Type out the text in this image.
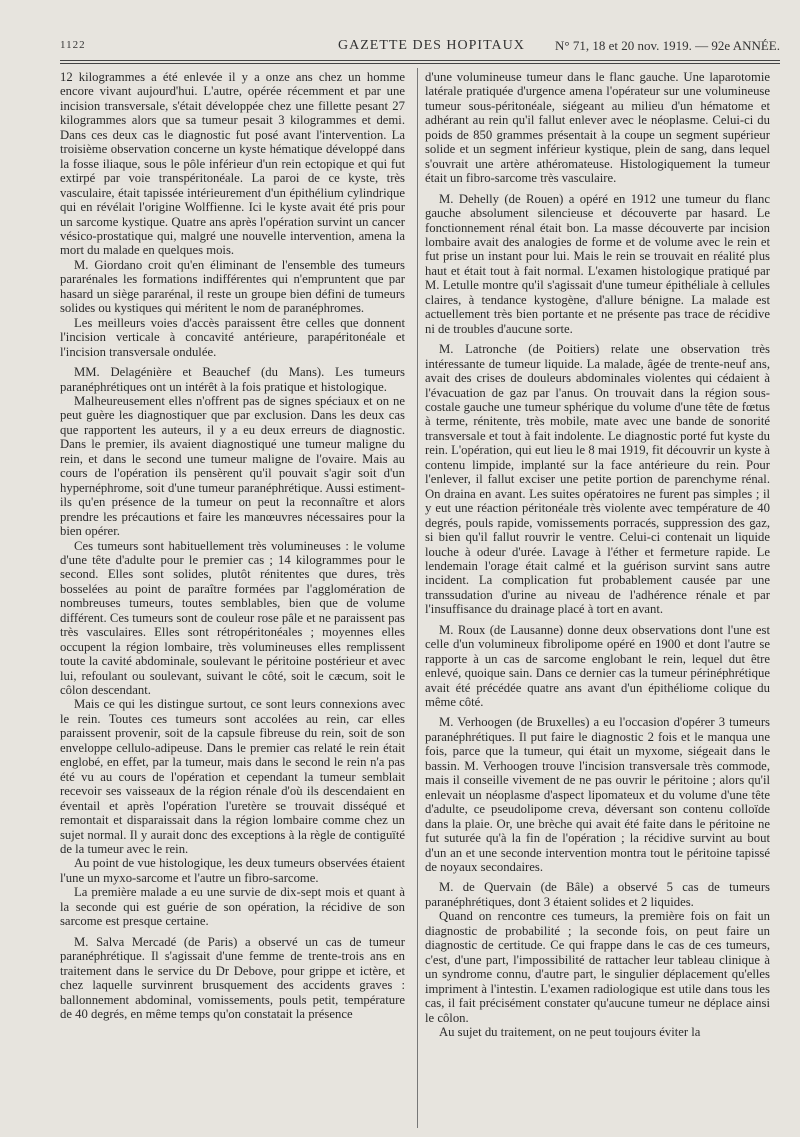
1122	GAZETTE DES HOPITAUX N° 71, 18 et 20 nov. 1919. — 92e ANNÉE.

12 kilogrammes a été enlevée il y a onze ans chez un homme encore vivant aujourd'hui. L'autre, opérée récemment et par une incision transversale, s'était développée chez une fillette pesant 27 kilogrammes alors que sa tumeur pesait 3 kilogrammes et demi. Dans ces deux cas le diagnostic fut posé avant l'intervention. La troisième observation concerne un kyste hématique développé dans la fosse iliaque, sous le pôle inférieur d'un rein ectopique et qui fut extirpé par voie transpéritonéale. La paroi de ce kyste, très vasculaire, était tapissée intérieurement d'un épithélium cylindrique qui en révélait l'origine Wolffienne. Ici le kyste avait été pris pour un sarcome kystique. Quatre ans après l'opération survint un cancer vésico-prostatique qui, malgré une nouvelle intervention, amena la mort du malade en quelques mois.

M. Giordano croit qu'en éliminant de l'ensemble des tumeurs pararénales les formations indifférentes qui n'empruntent que par hasard un siège pararénal, il reste un groupe bien défini de tumeurs solides ou kystiques qui méritent le nom de paranéphromes.

Les meilleurs voies d'accès paraissent être celles que donnent l'incision verticale à concavité antérieure, parapéritonéale et l'incision transversale ondulée.

MM. Delagénière et Beauchef (du Mans). Les tumeurs paranéphrétiques ont un intérêt à la fois pratique et histologique.

Malheureusement elles n'offrent pas de signes spéciaux et on ne peut guère les diagnostiquer que par exclusion. Dans les deux cas que rapportent les auteurs, il y a eu deux erreurs de diagnostic. Dans le premier, ils avaient diagnostiqué une tumeur maligne du rein, et dans le second une tumeur maligne de l'ovaire. Mais au cours de l'opération ils pensèrent qu'il pouvait s'agir soit d'un hypernéphrome, soit d'une tumeur paranéphrétique. Aussi estiment-ils qu'en présence de la tumeur on peut la reconnaître et alors prendre les précautions et faire les manœuvres nécessaires pour la bien opérer.

Ces tumeurs sont habituellement très volumineuses : le volume d'une tête d'adulte pour le premier cas ; 14 kilogrammes pour le second. Elles sont solides, plutôt rénitentes que dures, très bosselées au point de paraître formées par l'agglomération de nombreuses tumeurs, toutes semblables, bien que de volume différent. Ces tumeurs sont de couleur rose pâle et ne paraissent pas très vasculaires. Elles sont rétropéritonéales ; moyennes elles occupent la région lombaire, très volumineuses elles remplissent toute la cavité abdominale, soulevant le péritoine postérieur et avec lui, refoulant ou soulevant, suivant le côté, soit le cæcum, soit le côlon descendant.

Mais ce qui les distingue surtout, ce sont leurs connexions avec le rein. Toutes ces tumeurs sont accolées au rein, car elles paraissent provenir, soit de la capsule fibreuse du rein, soit de son enveloppe cellulo-adipeuse. Dans le premier cas relaté le rein était englobé, en effet, par la tumeur, mais dans le second le rein n'a pas été vu au cours de l'opération et cependant la tumeur semblait recevoir ses vaisseaux de la région rénale d'où ils descendaient en éventail et après l'opération l'uretère se trouvait disséqué et remontait et disparaissait dans la région lombaire comme chez un sujet normal. Il y aurait donc des exceptions à la règle de contiguïté de la tumeur avec le rein.

Au point de vue histologique, les deux tumeurs observées étaient l'une un myxo-sarcome et l'autre un fibro-sarcome.

La première malade a eu une survie de dix-sept mois et quant à la seconde qui est guérie de son opération, la récidive de son sarcome est presque certaine.

M. Salva Mercadé (de Paris) a observé un cas de tumeur paranéphrétique. Il s'agissait d'une femme de trente-trois ans en traitement dans le service du Dr Debove, pour grippe et ictère, et chez laquelle survinrent brusquement des accidents graves : ballonnement abdominal, vomissements, pouls petit, température de 40 degrés, en même temps qu'on constatait la présence

d'une volumineuse tumeur dans le flanc gauche. Une laparotomie latérale pratiquée d'urgence amena l'opérateur sur une volumineuse tumeur sous-péritonéale, siégeant au milieu d'un hématome et adhérant au rein qu'il fallut enlever avec le néoplasme. Celui-ci du poids de 850 grammes présentait à la coupe un segment supérieur solide et un segment inférieur kystique, plein de sang, dans lequel s'ouvrait une artère athéromateuse. Histologiquement la tumeur était un fibro-sarcome très vasculaire.

M. Dehelly (de Rouen) a opéré en 1912 une tumeur du flanc gauche absolument silencieuse et découverte par hasard. Le fonctionnement rénal était bon. La masse découverte par incision lombaire avait des analogies de forme et de volume avec le rein et fut prise un instant pour lui. Mais le rein se trouvait en réalité plus haut et était tout à fait normal. L'examen histologique pratiqué par M. Letulle montre qu'il s'agissait d'une tumeur épithéliale à cellules claires, à tendance kystogène, d'allure bénigne. La malade est actuellement très bien portante et ne présente pas trace de récidive ni de troubles d'aucune sorte.

M. Latronche (de Poitiers) relate une observation très intéressante de tumeur liquide. La malade, âgée de trente-neuf ans, avait des crises de douleurs abdominales violentes qui cédaient à l'évacuation de gaz par l'anus. On trouvait dans la région sous-costale gauche une tumeur sphérique du volume d'une tête de fœtus à terme, rénitente, très mobile, mate avec une bande de sonorité transversale et tout à fait indolente. Le diagnostic porté fut kyste du rein. L'opération, qui eut lieu le 8 mai 1919, fit découvrir un kyste à contenu limpide, implanté sur la face antérieure du rein. Pour l'enlever, il fallut exciser une petite portion de parenchyme rénal. On draina en avant. Les suites opératoires ne furent pas simples ; il y eut une réaction péritonéale très violente avec température de 40 degrés, pouls rapide, vomissements porracés, suppression des gaz, si bien qu'il fallut rouvrir le ventre. Celui-ci contenait un liquide louche à odeur d'urée. Lavage à l'éther et fermeture rapide. Le lendemain l'orage était calmé et la guérison survint sans autre incident. La complication fut probablement causée par une transsudation d'urine au niveau de l'adhérence rénale et par l'insuffisance du drainage placé à tort en avant.

M. Roux (de Lausanne) donne deux observations dont l'une est celle d'un volumineux fibrolipome opéré en 1900 et dont l'autre se rapporte à un cas de sarcome englobant le rein, lequel dut être enlevé, quoique sain. Dans ce dernier cas la tumeur périnéphrétique avait été précédée quatre ans avant d'un épithéliome colique du même côté.

M. Verhoogen (de Bruxelles) a eu l'occasion d'opérer 3 tumeurs paranéphrétiques. Il put faire le diagnostic 2 fois et le manqua une fois, parce que la tumeur, qui était un myxome, siégeait dans le bassin. M. Verhoogen trouve l'incision transversale très commode, mais il conseille vivement de ne pas ouvrir le péritoine ; alors qu'il enlevait un néoplasme d'aspect lipomateux et du volume d'une tête d'adulte, ce pseudolipome creva, déversant son contenu colloïde dans la plaie. Or, une brèche qui avait été faite dans le péritoine ne fut suturée qu'à la fin de l'opération ; la récidive survint au bout d'un an et une seconde intervention montra tout le péritoine tapissé de noyaux secondaires.

M. de Quervain (de Bâle) a observé 5 cas de tumeurs paranéphrétiques, dont 3 étaient solides et 2 liquides.

Quand on rencontre ces tumeurs, la première fois on fait un diagnostic de probabilité ; la seconde fois, on peut faire un diagnostic de certitude. Ce qui frappe dans le cas de ces tumeurs, c'est, d'une part, l'impossibilité de rattacher leur tableau clinique à un syndrome connu, d'autre part, le singulier déplacement qu'elles impriment à l'intestin. L'examen radiologique est utile dans tous les cas, il fait précisément constater qu'aucune tumeur ne déplace ainsi le côlon.

Au sujet du traitement, on ne peut toujours éviter la
